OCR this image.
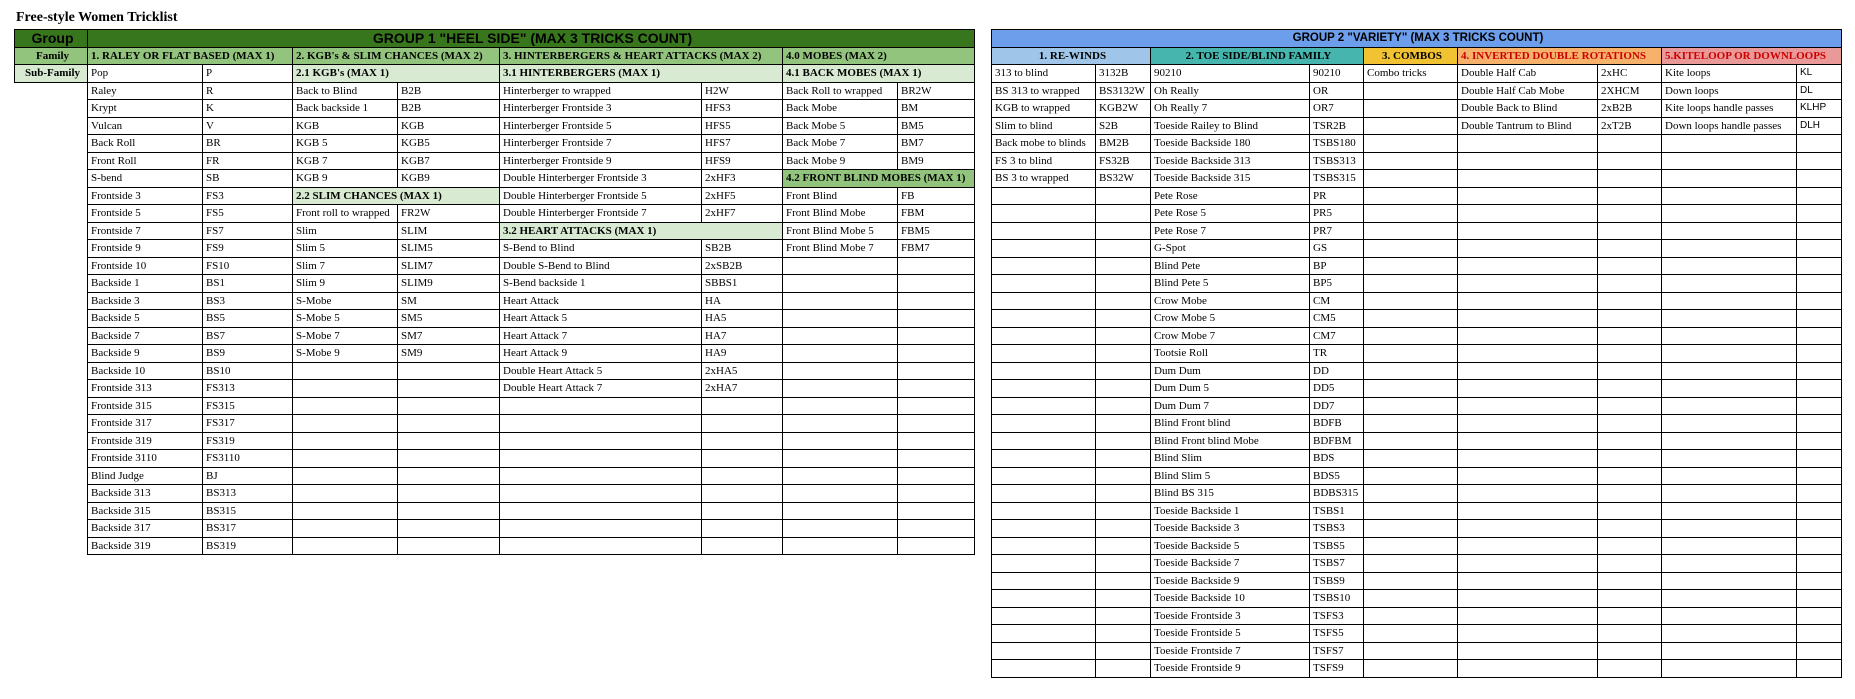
Free-style Women Tricklist
Group	GROUP 1 "HEEL SIDE" (MAX 3 TRICKS COUNT)							
Family	1. RALEY OR FLAT BASED (MAX 1)		2. KGB's & SLIM CHANCES (MAX 2)		3. HINTERBERGERS & HEART ATTACKS (MAX 2)		4.0 MOBES (MAX 2)	
Sub-Family	Pop	P	2.1 KGB's (MAX 1)		3.1 HINTERBERGERS (MAX 1)		4.1 BACK MOBES (MAX 1)	
	Raley	R	Back to Blind	B2B	Hinterberger to wrapped	H2W	Back Roll to wrapped	BR2W
	Krypt	K	Back backside 1	B2B	Hinterberger Frontside 3	HFS3	Back Mobe	BM
	Vulcan	V	KGB	KGB	Hinterberger Frontside 5	HFS5	Back Mobe 5	BM5
	Back Roll	BR	KGB 5	KGB5	Hinterberger Frontside 7	HFS7	Back Mobe 7	BM7
	Front Roll	FR	KGB 7	KGB7	Hinterberger Frontside 9	HFS9	Back Mobe 9	BM9
	S-bend	SB	KGB 9	KGB9	Double Hinterberger Frontside 3	2xHF3	4.2 FRONT BLIND MOBES (MAX 1)	
	Frontside 3	FS3	2.2 SLIM CHANCES (MAX 1)		Double Hinterberger Frontside 5	2xHF5	Front Blind	FB
	Frontside 5	FS5	Front roll to wrapped	FR2W	Double Hinterberger Frontside 7	2xHF7	Front Blind Mobe	FBM
	Frontside 7	FS7	Slim	SLIM	3.2 HEART ATTACKS (MAX 1)		Front Blind Mobe 5	FBM5
	Frontside 9	FS9	Slim 5	SLIM5	S-Bend to Blind	SB2B	Front Blind Mobe 7	FBM7
	Frontside 10	FS10	Slim 7	SLIM7	Double S-Bend to Blind	2xSB2B		
	Backside 1	BS1	Slim 9	SLIM9	S-Bend backside 1	SBBS1		
	Backside 3	BS3	S-Mobe	SM	Heart Attack	HA		
	Backside 5	BS5	S-Mobe 5	SM5	Heart Attack 5	HA5		
	Backside 7	BS7	S-Mobe 7	SM7	Heart Attack 7	HA7		
	Backside 9	BS9	S-Mobe 9	SM9	Heart Attack 9	HA9		
	Backside 10	BS10			Double Heart Attack 5	2xHA5		
	Frontside 313	FS313			Double Heart Attack 7	2xHA7		
	Frontside 315	FS315						
	Frontside 317	FS317						
	Frontside 319	FS319						
	Frontside 3110	FS3110						
	Blind Judge	BJ						
	Backside 313	BS313						
	Backside 315	BS315						
	Backside 317	BS317						
	Backside 319	BS319						
GROUP 2 "VARIETY" (MAX 3 TRICKS COUNT)								
1. RE-WINDS		2. TOE SIDE/BLIND FAMILY		3. COMBOS	4. INVERTED DOUBLE ROTATIONS		5.KITELOOP OR DOWNLOOPS	
313 to blind	3132B	90210	90210	Combo tricks	Double Half Cab	2xHC	Kite loops	KL
BS 313 to wrapped	BS3132W	Oh Really	OR		Double Half Cab Mobe	2XHCM	Down loops	DL
KGB to wrapped	KGB2W	Oh Really 7	OR7		Double Back to Blind	2xB2B	Kite loops handle passes	KLHP
Slim to blind	S2B	Toeside Railey to Blind	TSR2B		Double Tantrum to Blind	2xT2B	Down loops handle passes	DLH
Back mobe to blinds	BM2B	Toeside Backside 180	TSBS180					
FS 3 to blind	FS32B	Toeside Backside 313	TSBS313					
BS 3 to wrapped	BS32W	Toeside Backside 315	TSBS315					
		Pete Rose	PR					
		Pete Rose 5	PR5					
		Pete Rose 7	PR7					
		G-Spot	GS					
		Blind Pete	BP					
		Blind Pete 5	BP5					
		Crow Mobe	CM					
		Crow Mobe 5	CM5					
		Crow Mobe 7	CM7					
		Tootsie Roll	TR					
		Dum Dum	DD					
		Dum Dum 5	DD5					
		Dum Dum 7	DD7					
		Blind Front blind	BDFB					
		Blind Front blind Mobe	BDFBM					
		Blind Slim	BDS					
		Blind Slim 5	BDS5					
		Blind BS 315	BDBS315					
		Toeside Backside 1	TSBS1					
		Toeside Backside 3	TSBS3					
		Toeside Backside 5	TSBS5					
		Toeside Backside 7	TSBS7					
		Toeside Backside 9	TSBS9					
		Toeside Backside 10	TSBS10					
		Toeside Frontside 3	TSFS3					
		Toeside Frontside 5	TSFS5					
		Toeside Frontside 7	TSFS7					
		Toeside Frontside 9	TSFS9					
